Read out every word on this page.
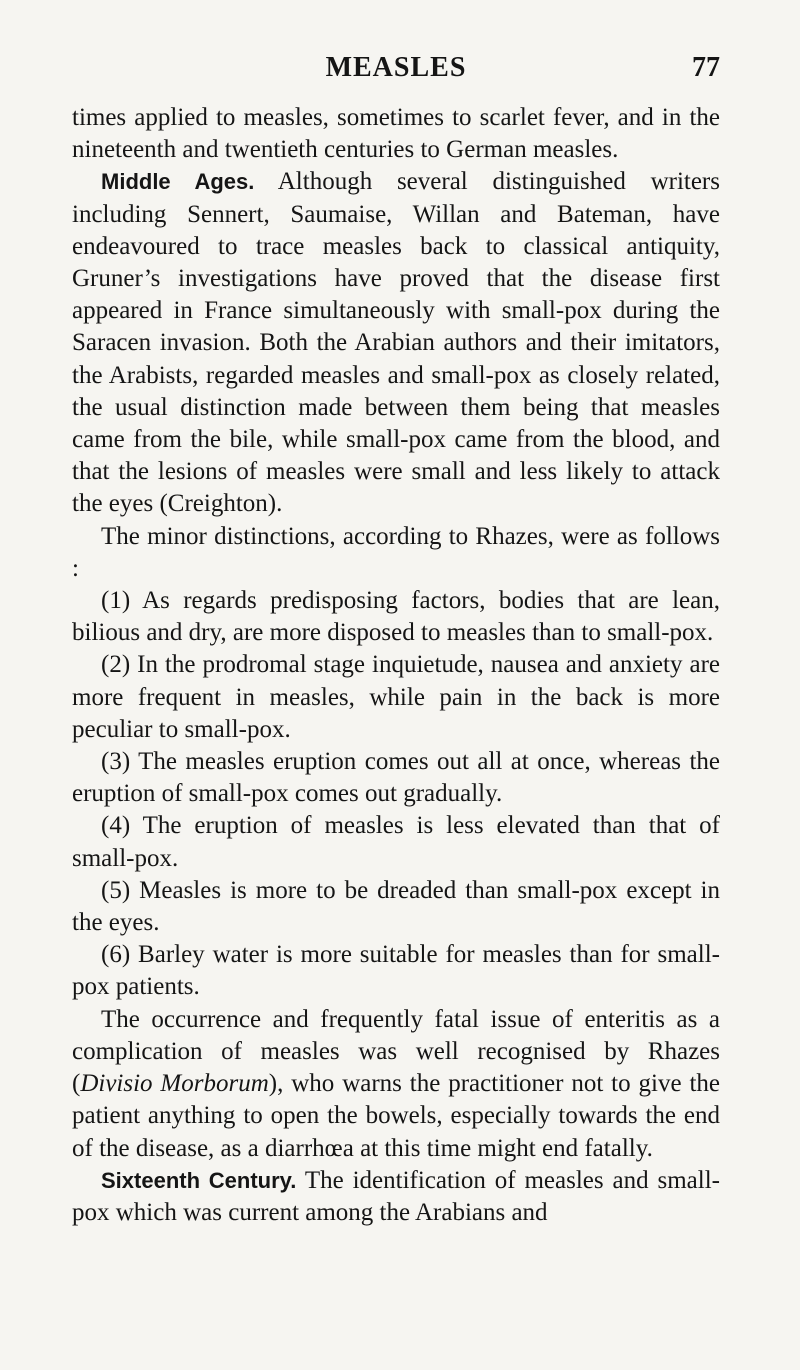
MEASLES	77

times applied to measles, sometimes to scarlet fever, and in the nineteenth and twentieth centuries to German measles.

Middle Ages. Although several distinguished writers including Sennert, Saumaise, Willan and Bateman, have endeavoured to trace measles back to classical antiquity, Gruner’s investigations have proved that the disease first appeared in France simultaneously with small-pox during the Saracen invasion. Both the Arabian authors and their imitators, the Arabists, regarded measles and small-pox as closely related, the usual distinction made between them being that measles came from the bile, while small-pox came from the blood, and that the lesions of measles were small and less likely to attack the eyes (Creighton).

The minor distinctions, according to Rhazes, were as follows :

(1) As regards predisposing factors, bodies that are lean, bilious and dry, are more disposed to measles than to small-pox.

(2) In the prodromal stage inquietude, nausea and anxiety are more frequent in measles, while pain in the back is more peculiar to small-pox.

(3) The measles eruption comes out all at once, whereas the eruption of small-pox comes out gradually.

(4) The eruption of measles is less elevated than that of small-pox.

(5) Measles is more to be dreaded than small-pox except in the eyes.

(6) Barley water is more suitable for measles than for small-pox patients.

The occurrence and frequently fatal issue of enteritis as a complication of measles was well recognised by Rhazes (Divisio Morborum), who warns the practitioner not to give the patient anything to open the bowels, especially towards the end of the disease, as a diarrhœa at this time might end fatally.

Sixteenth Century. The identification of measles and small-pox which was current among the Arabians and
